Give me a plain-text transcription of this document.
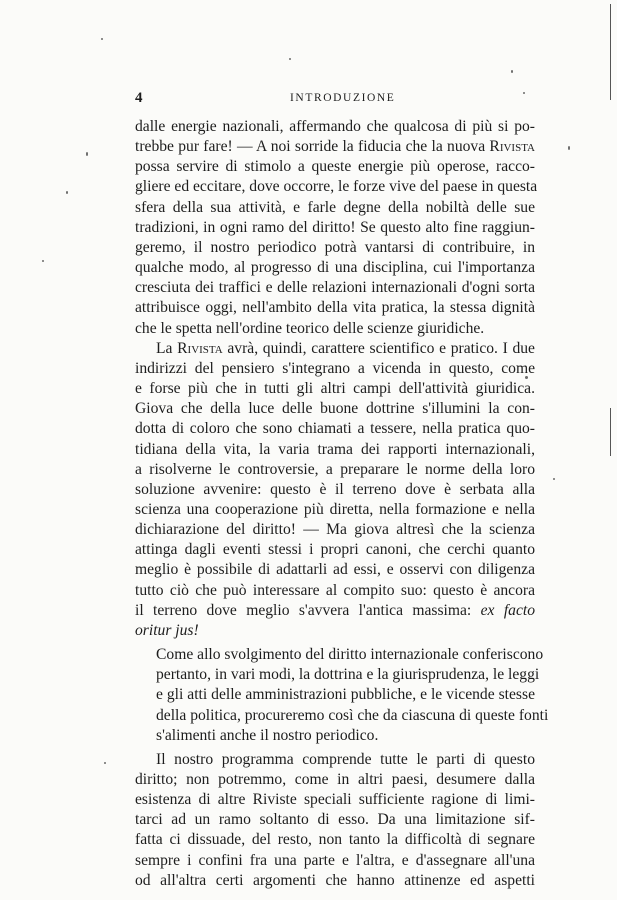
4	INTRODUZIONE

dalle energie nazionali, affermando che qualcosa di più si po-
trebbe pur fare! — A noi sorride la fiducia che la nuova Rivista
possa servire di stimolo a queste energie più operose, racco-
gliere ed eccitare, dove occorre, le forze vive del paese in questa
sfera della sua attività, e farle degne della nobiltà delle sue
tradizioni, in ogni ramo del diritto! Se questo alto fine raggiun-
geremo, il nostro periodico potrà vantarsi di contribuire, in
qualche modo, al progresso di una disciplina, cui l'importanza
cresciuta dei traffici e delle relazioni internazionali d'ogni sorta
attribuisce oggi, nell'ambito della vita pratica, la stessa dignità
che le spetta nell'ordine teorico delle scienze giuridiche.

La Rivista avrà, quindi, carattere scientifico e pratico. I due
indirizzi del pensiero s'integrano a vicenda in questo, come
e forse più che in tutti gli altri campi dell'attività giuridica.
Giova che della luce delle buone dottrine s'illumini la con-
dotta di coloro che sono chiamati a tessere, nella pratica quo-
tidiana della vita, la varia trama dei rapporti internazionali,
a risolverne le controversie, a preparare le norme della loro
soluzione avvenire: questo è il terreno dove è serbata alla
scienza una cooperazione più diretta, nella formazione e nella
dichiarazione del diritto! — Ma giova altresì che la scienza
attinga dagli eventi stessi i propri canoni, che cerchi quanto
meglio è possibile di adattarli ad essi, e osservi con diligenza
tutto ciò che può interessare al compito suo: questo è ancora
il terreno dove meglio s'avvera l'antica massima: ex facto
oritur jus!

Come allo svolgimento del diritto internazionale conferiscono
pertanto, in vari modi, la dottrina e la giurisprudenza, le leggi
e gli atti delle amministrazioni pubbliche, e le vicende stesse
della politica, procureremo così che da ciascuna di queste fonti
s'alimenti anche il nostro periodico.

Il nostro programma comprende tutte le parti di questo
diritto; non potremmo, come in altri paesi, desumere dalla
esistenza di altre Riviste speciali sufficiente ragione di limi-
tarci ad un ramo soltanto di esso. Da una limitazione sif-
fatta ci dissuade, del resto, non tanto la difficoltà di segnare
sempre i confini fra una parte e l'altra, e d'assegnare all'una
od all'altra certi argomenti che hanno attinenze ed aspetti
